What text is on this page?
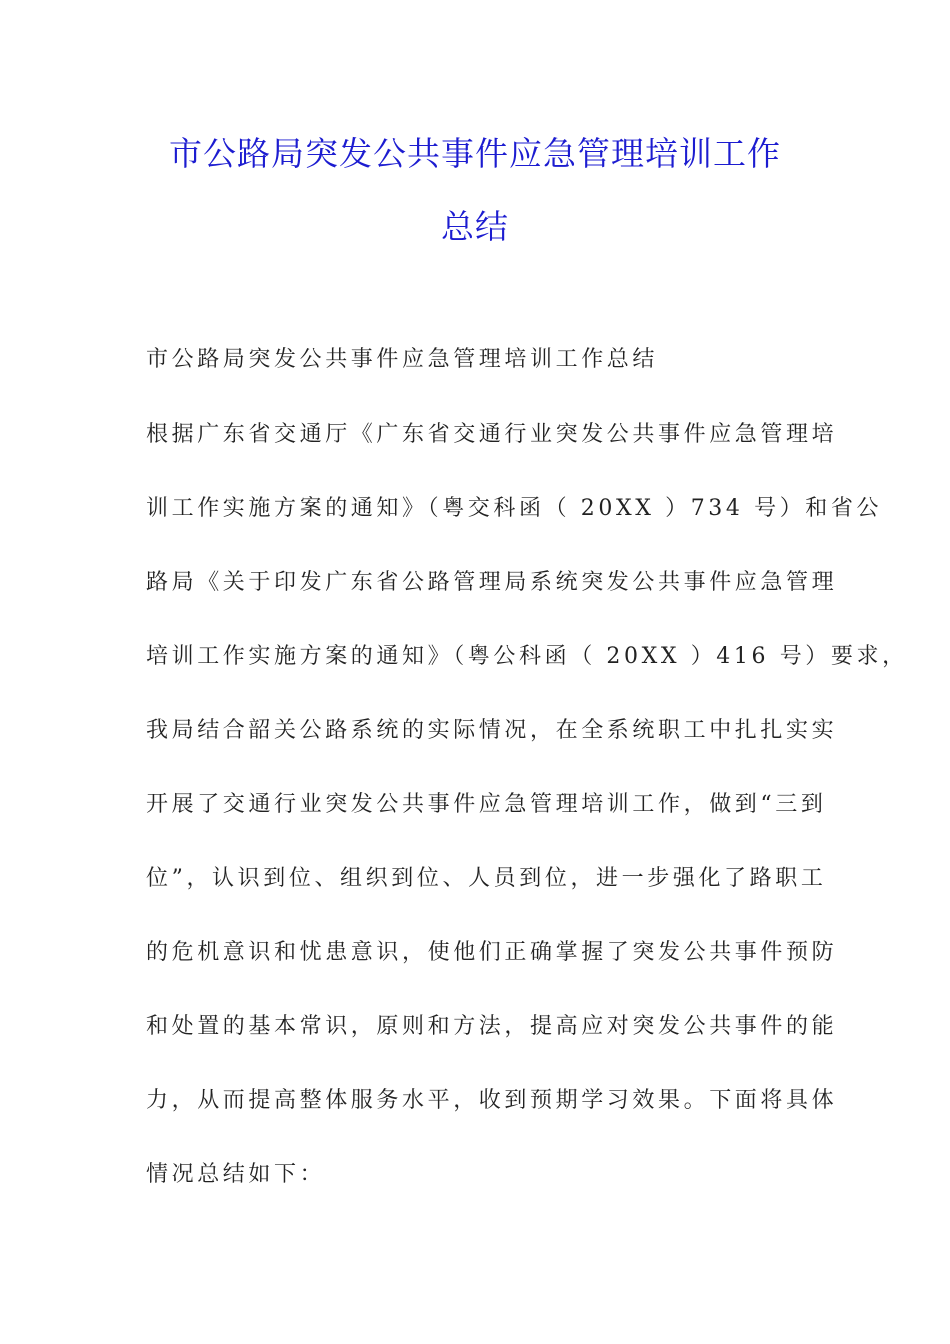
市公路局突发公共事件应急管理培训工作
总结
市公路局突发公共事件应急管理培训工作总结
根据广东省交通厅《广东省交通行业突发公共事件应急管理培
训工作实施方案的通知》（粤交科函（ 20XX ）734 号）和省公
路局《关于印发广东省公路管理局系统突发公共事件应急管理
培训工作实施方案的通知》（粤公科函（ 20XX ）416 号）要求，
我局结合韶关公路系统的实际情况，在全系统职工中扎扎实实
开展了交通行业突发公共事件应急管理培训工作，做到“三到
位”，认识到位、组织到位、人员到位，进一步强化了路职工
的危机意识和忧患意识，使他们正确掌握了突发公共事件预防
和处置的基本常识，原则和方法，提高应对突发公共事件的能
力，从而提高整体服务水平，收到预期学习效果。下面将具体
情况总结如下：
